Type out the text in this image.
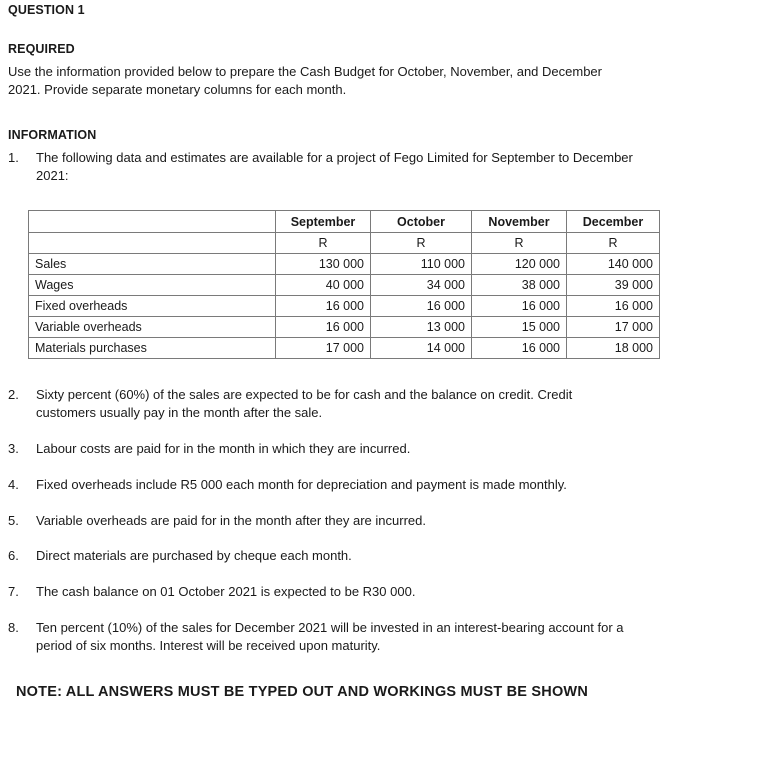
QUESTION 1
REQUIRED
Use the information provided below to prepare the Cash Budget for October, November, and December
2021. Provide separate monetary columns for each month.
INFORMATION
1. The following data and estimates are available for a project of Fego Limited for September to December
2021:
	September	October	November	December
	R	R	R	R
Sales	130 000	110 000	120 000	140 000
Wages	40 000	34 000	38 000	39 000
Fixed overheads	16 000	16 000	16 000	16 000
Variable overheads	16 000	13 000	15 000	17 000
Materials purchases	17 000	14 000	16 000	18 000
2. Sixty percent (60%) of the sales are expected to be for cash and the balance on credit. Credit
customers usually pay in the month after the sale.
3. Labour costs are paid for in the month in which they are incurred.
4. Fixed overheads include R5 000 each month for depreciation and payment is made monthly.
5. Variable overheads are paid for in the month after they are incurred.
6. Direct materials are purchased by cheque each month.
7. The cash balance on 01 October 2021 is expected to be R30 000.
8. Ten percent (10%) of the sales for December 2021 will be invested in an interest-bearing account for a
period of six months. Interest will be received upon maturity.
NOTE: ALL ANSWERS MUST BE TYPED OUT AND WORKINGS MUST BE SHOWN
